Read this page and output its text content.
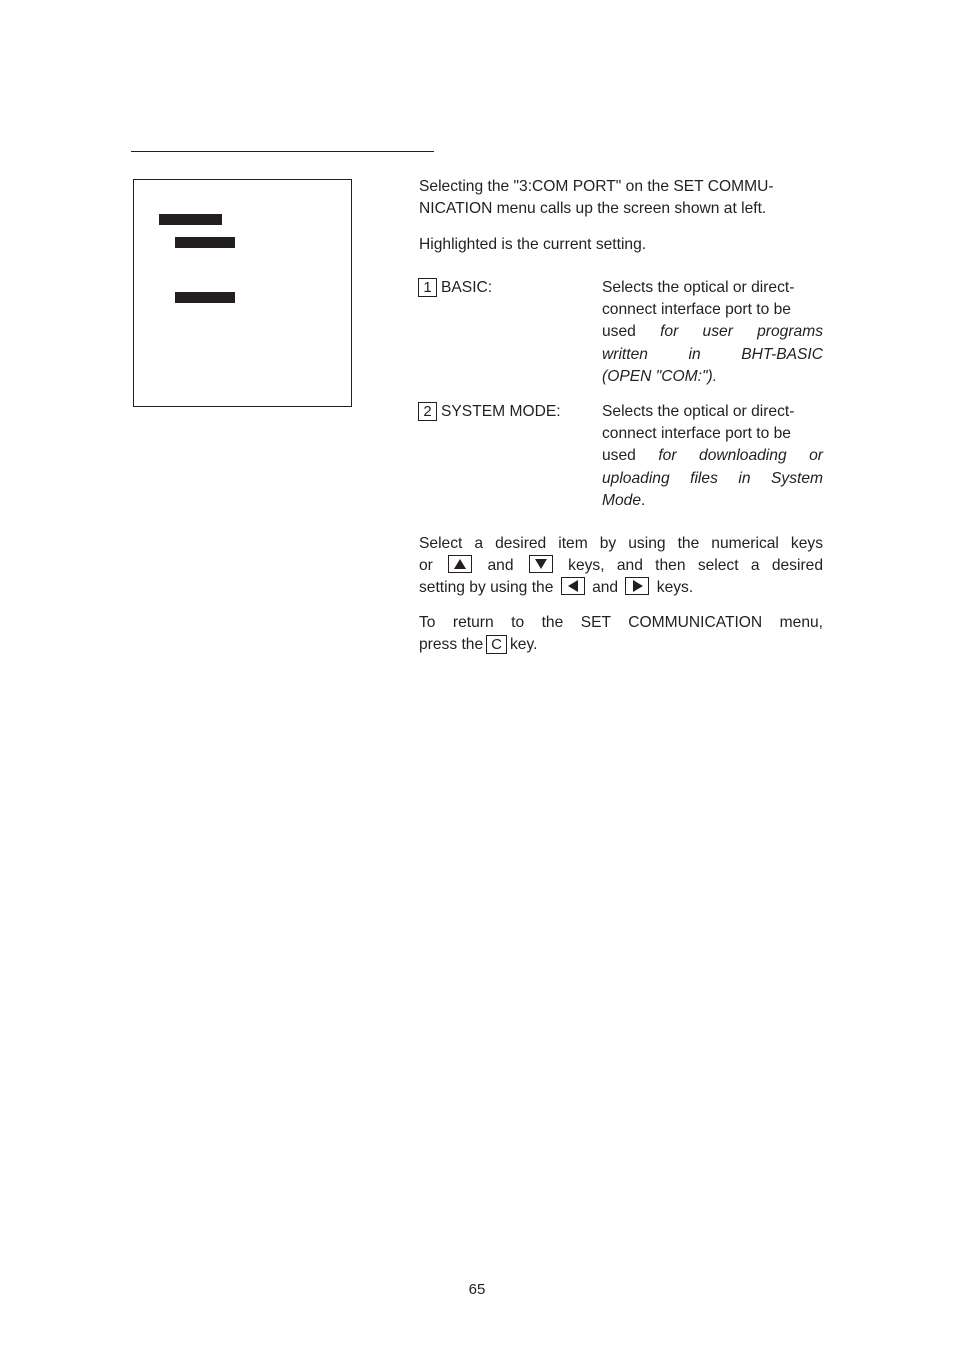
Selecting the "3:COM PORT" on the SET COMMU-
NICATION menu calls up the screen shown at left.
Highlighted is the current setting.
1 BASIC:	Selects the optical or direct-
connect interface port to be
used for user programs
written in BHT-BASIC
(OPEN "COM:").
2 SYSTEM MODE:	Selects the optical or direct-
connect interface port to be
used for downloading or
uploading files in System
Mode.
Select a desired item by using the numerical keys
or	and	keys, and then select a desired
setting by using the and keys.
To return to the SET COMMUNICATION menu,
press the C key.
65
